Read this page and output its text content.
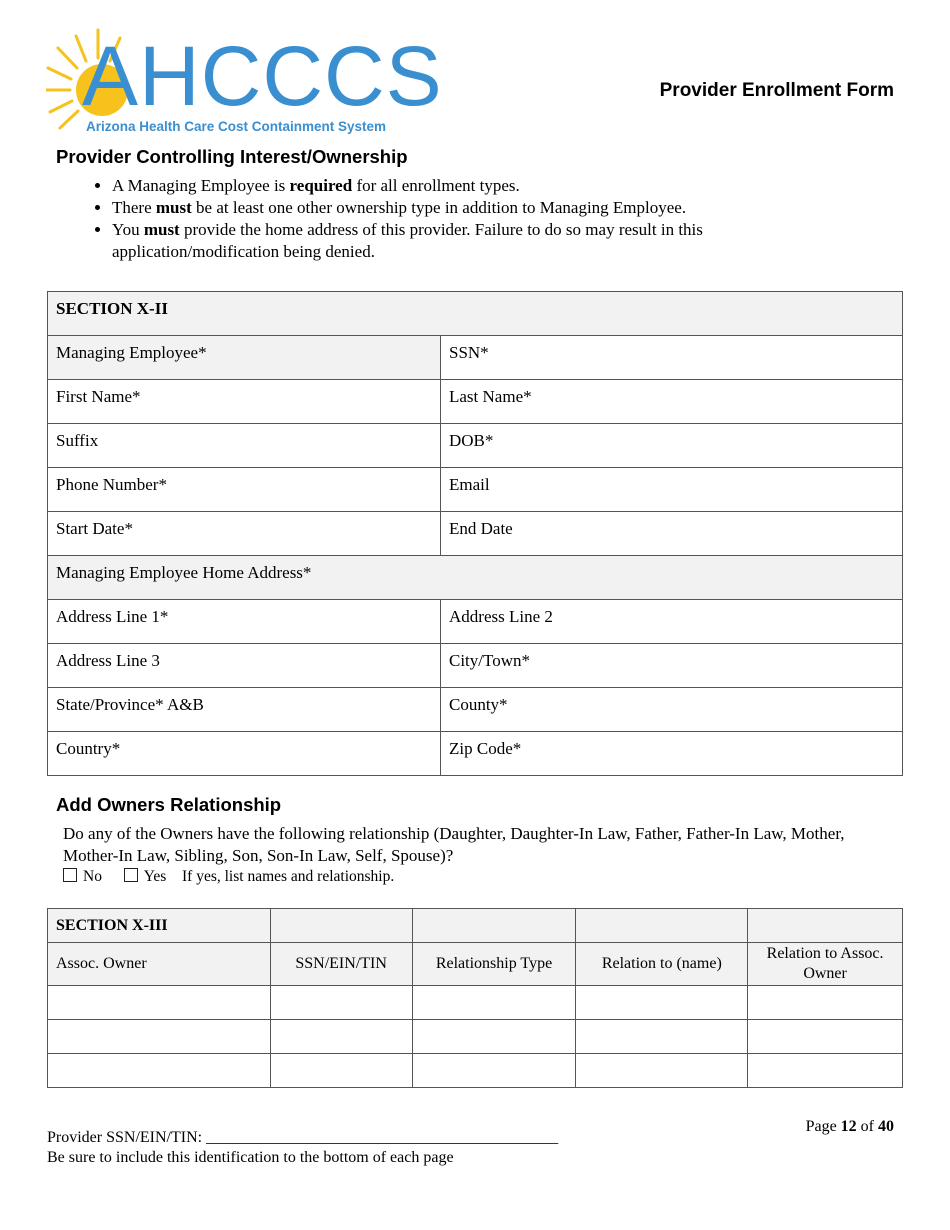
AHCCCS
Arizona Health Care Cost Containment System
Provider Enrollment Form
Provider Controlling Interest/Ownership
• A Managing Employee is required for all enrollment types.
• There must be at least one other ownership type in addition to Managing Employee.
• You must provide the home address of this provider. Failure to do so may result in this application/modification being denied.
SECTION X-II	
Managing Employee*	SSN*
First Name*	Last Name*
Suffix	DOB*
Phone Number*	Email
Start Date*	End Date
Managing Employee Home Address*	
Address Line 1*	Address Line 2
Address Line 3	City/Town*
State/Province* A&B	County*
Country*	Zip Code*
Add Owners Relationship
Do any of the Owners have the following relationship (Daughter, Daughter-In Law, Father, Father-In Law, Mother, Mother-In Law, Sibling, Son, Son-In Law, Self, Spouse)?
No	Yes If yes, list names and relationship.
SECTION X-III				
Assoc. Owner	SSN/EIN/TIN	Relationship Type	Relation to (name)	Relation to Assoc. Owner

Provider SSN/EIN/TIN: ____________________________________________
Be sure to include this identification to the bottom of each page
Page 12 of 40
